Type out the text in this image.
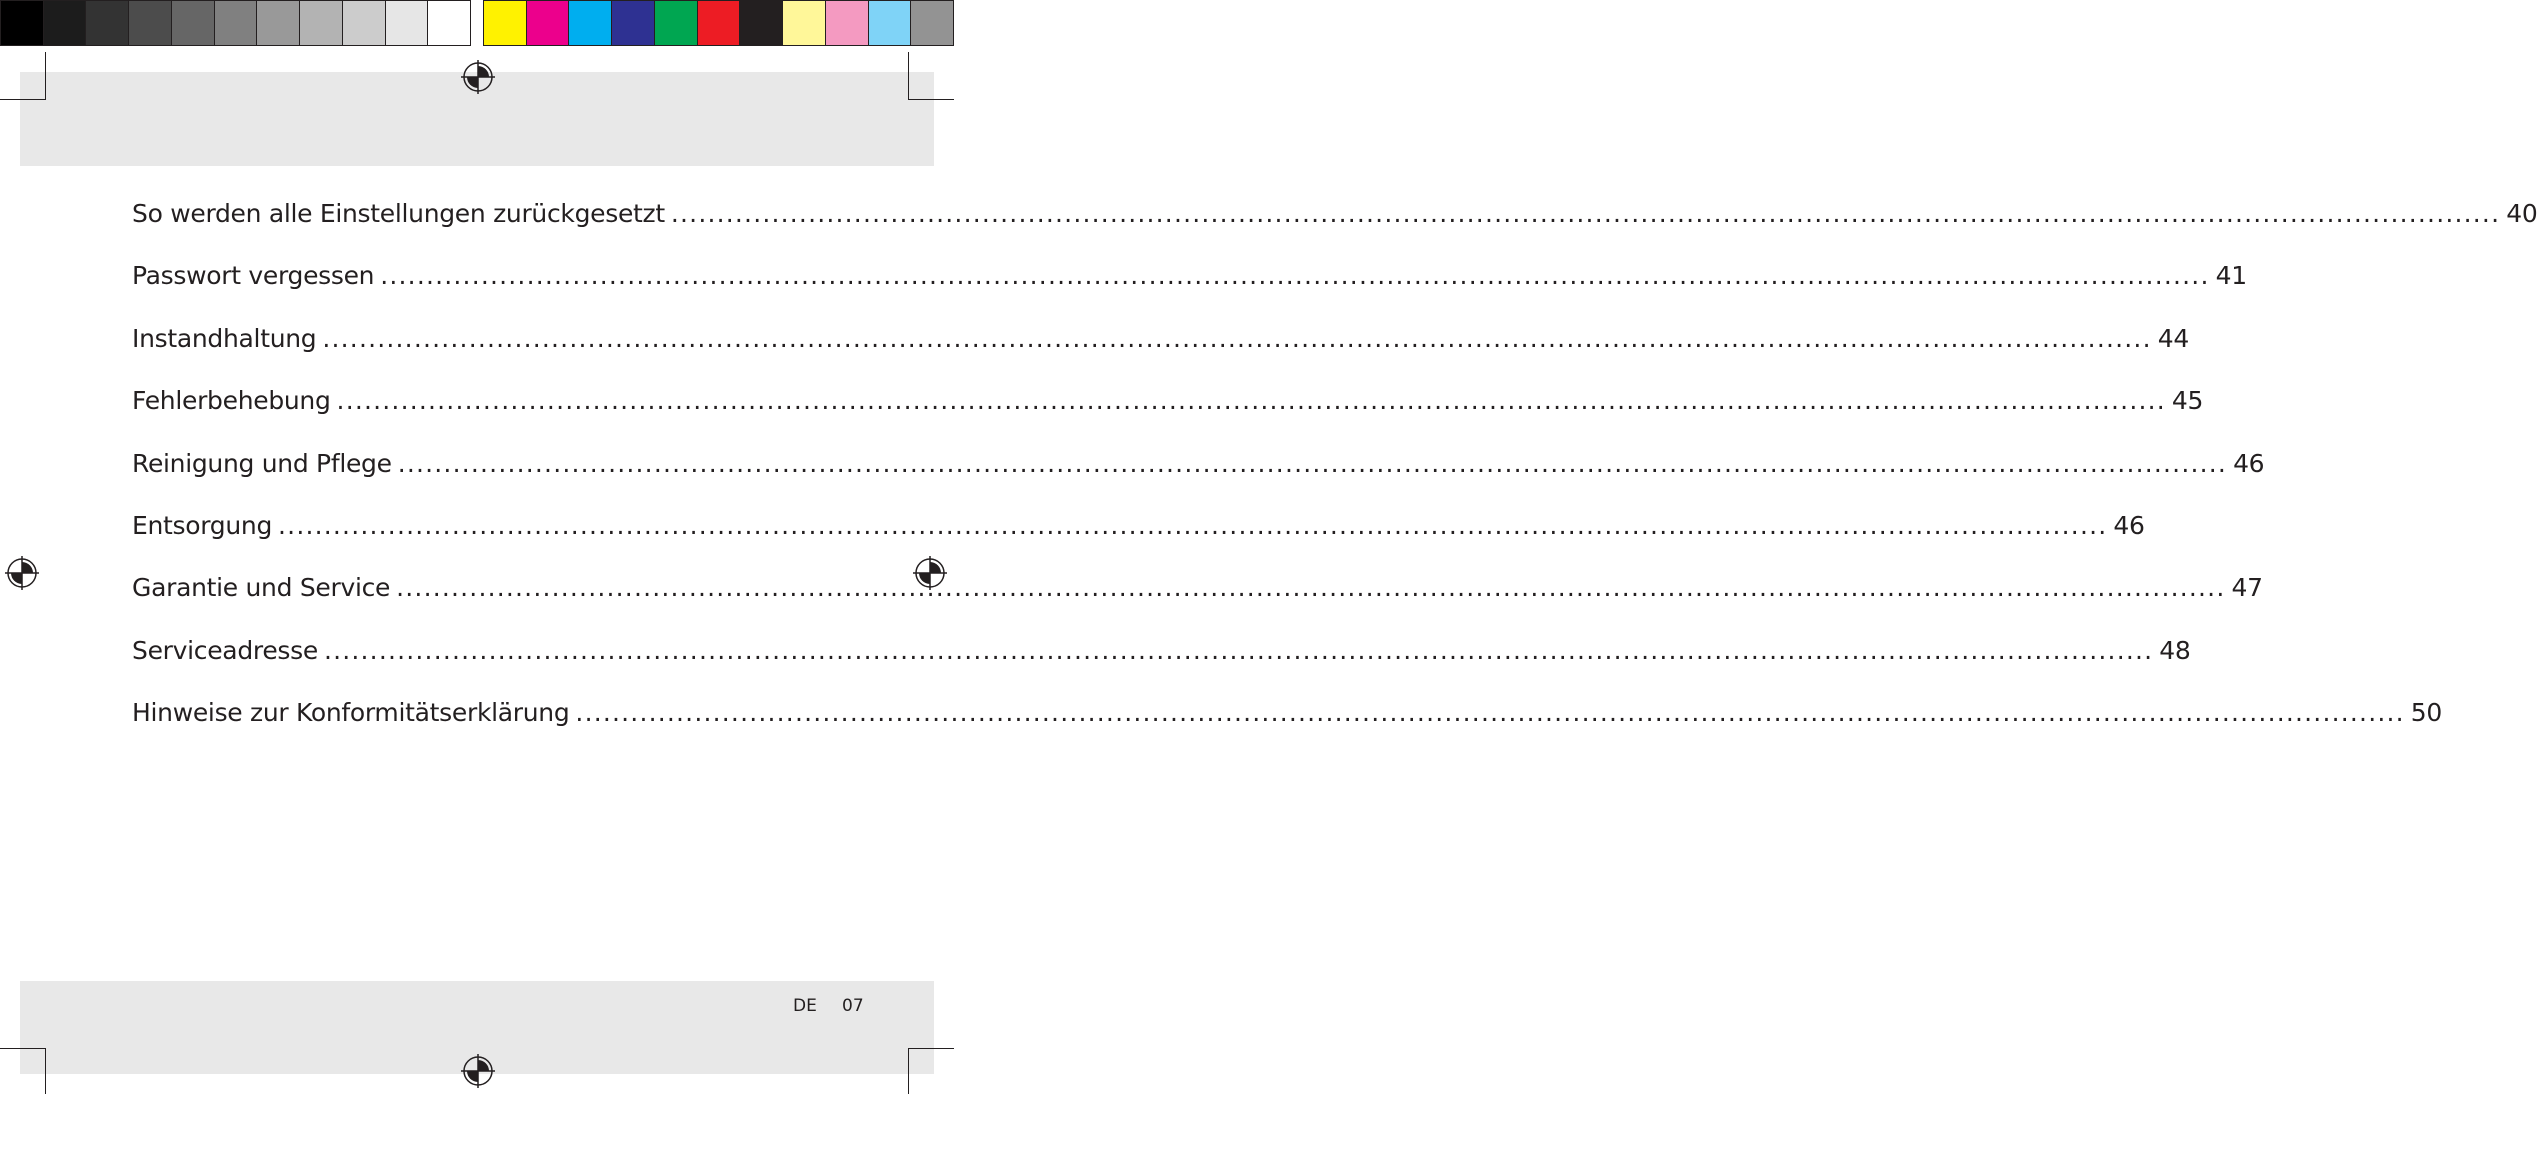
So werden alle Einstellungen zurückgesetzt ........................................................................................................................................................................................................ 40
Passwort vergessen ........................................................................................................................................................................................................ 41
Instandhaltung ........................................................................................................................................................................................................ 44
Fehlerbehebung ........................................................................................................................................................................................................ 45
Reinigung und Pflege ........................................................................................................................................................................................................ 46
Entsorgung ........................................................................................................................................................................................................ 46
Garantie und Service ........................................................................................................................................................................................................ 47
Serviceadresse ........................................................................................................................................................................................................ 48
Hinweise zur Konformitätserklärung ........................................................................................................................................................................................................ 50
DE 07
